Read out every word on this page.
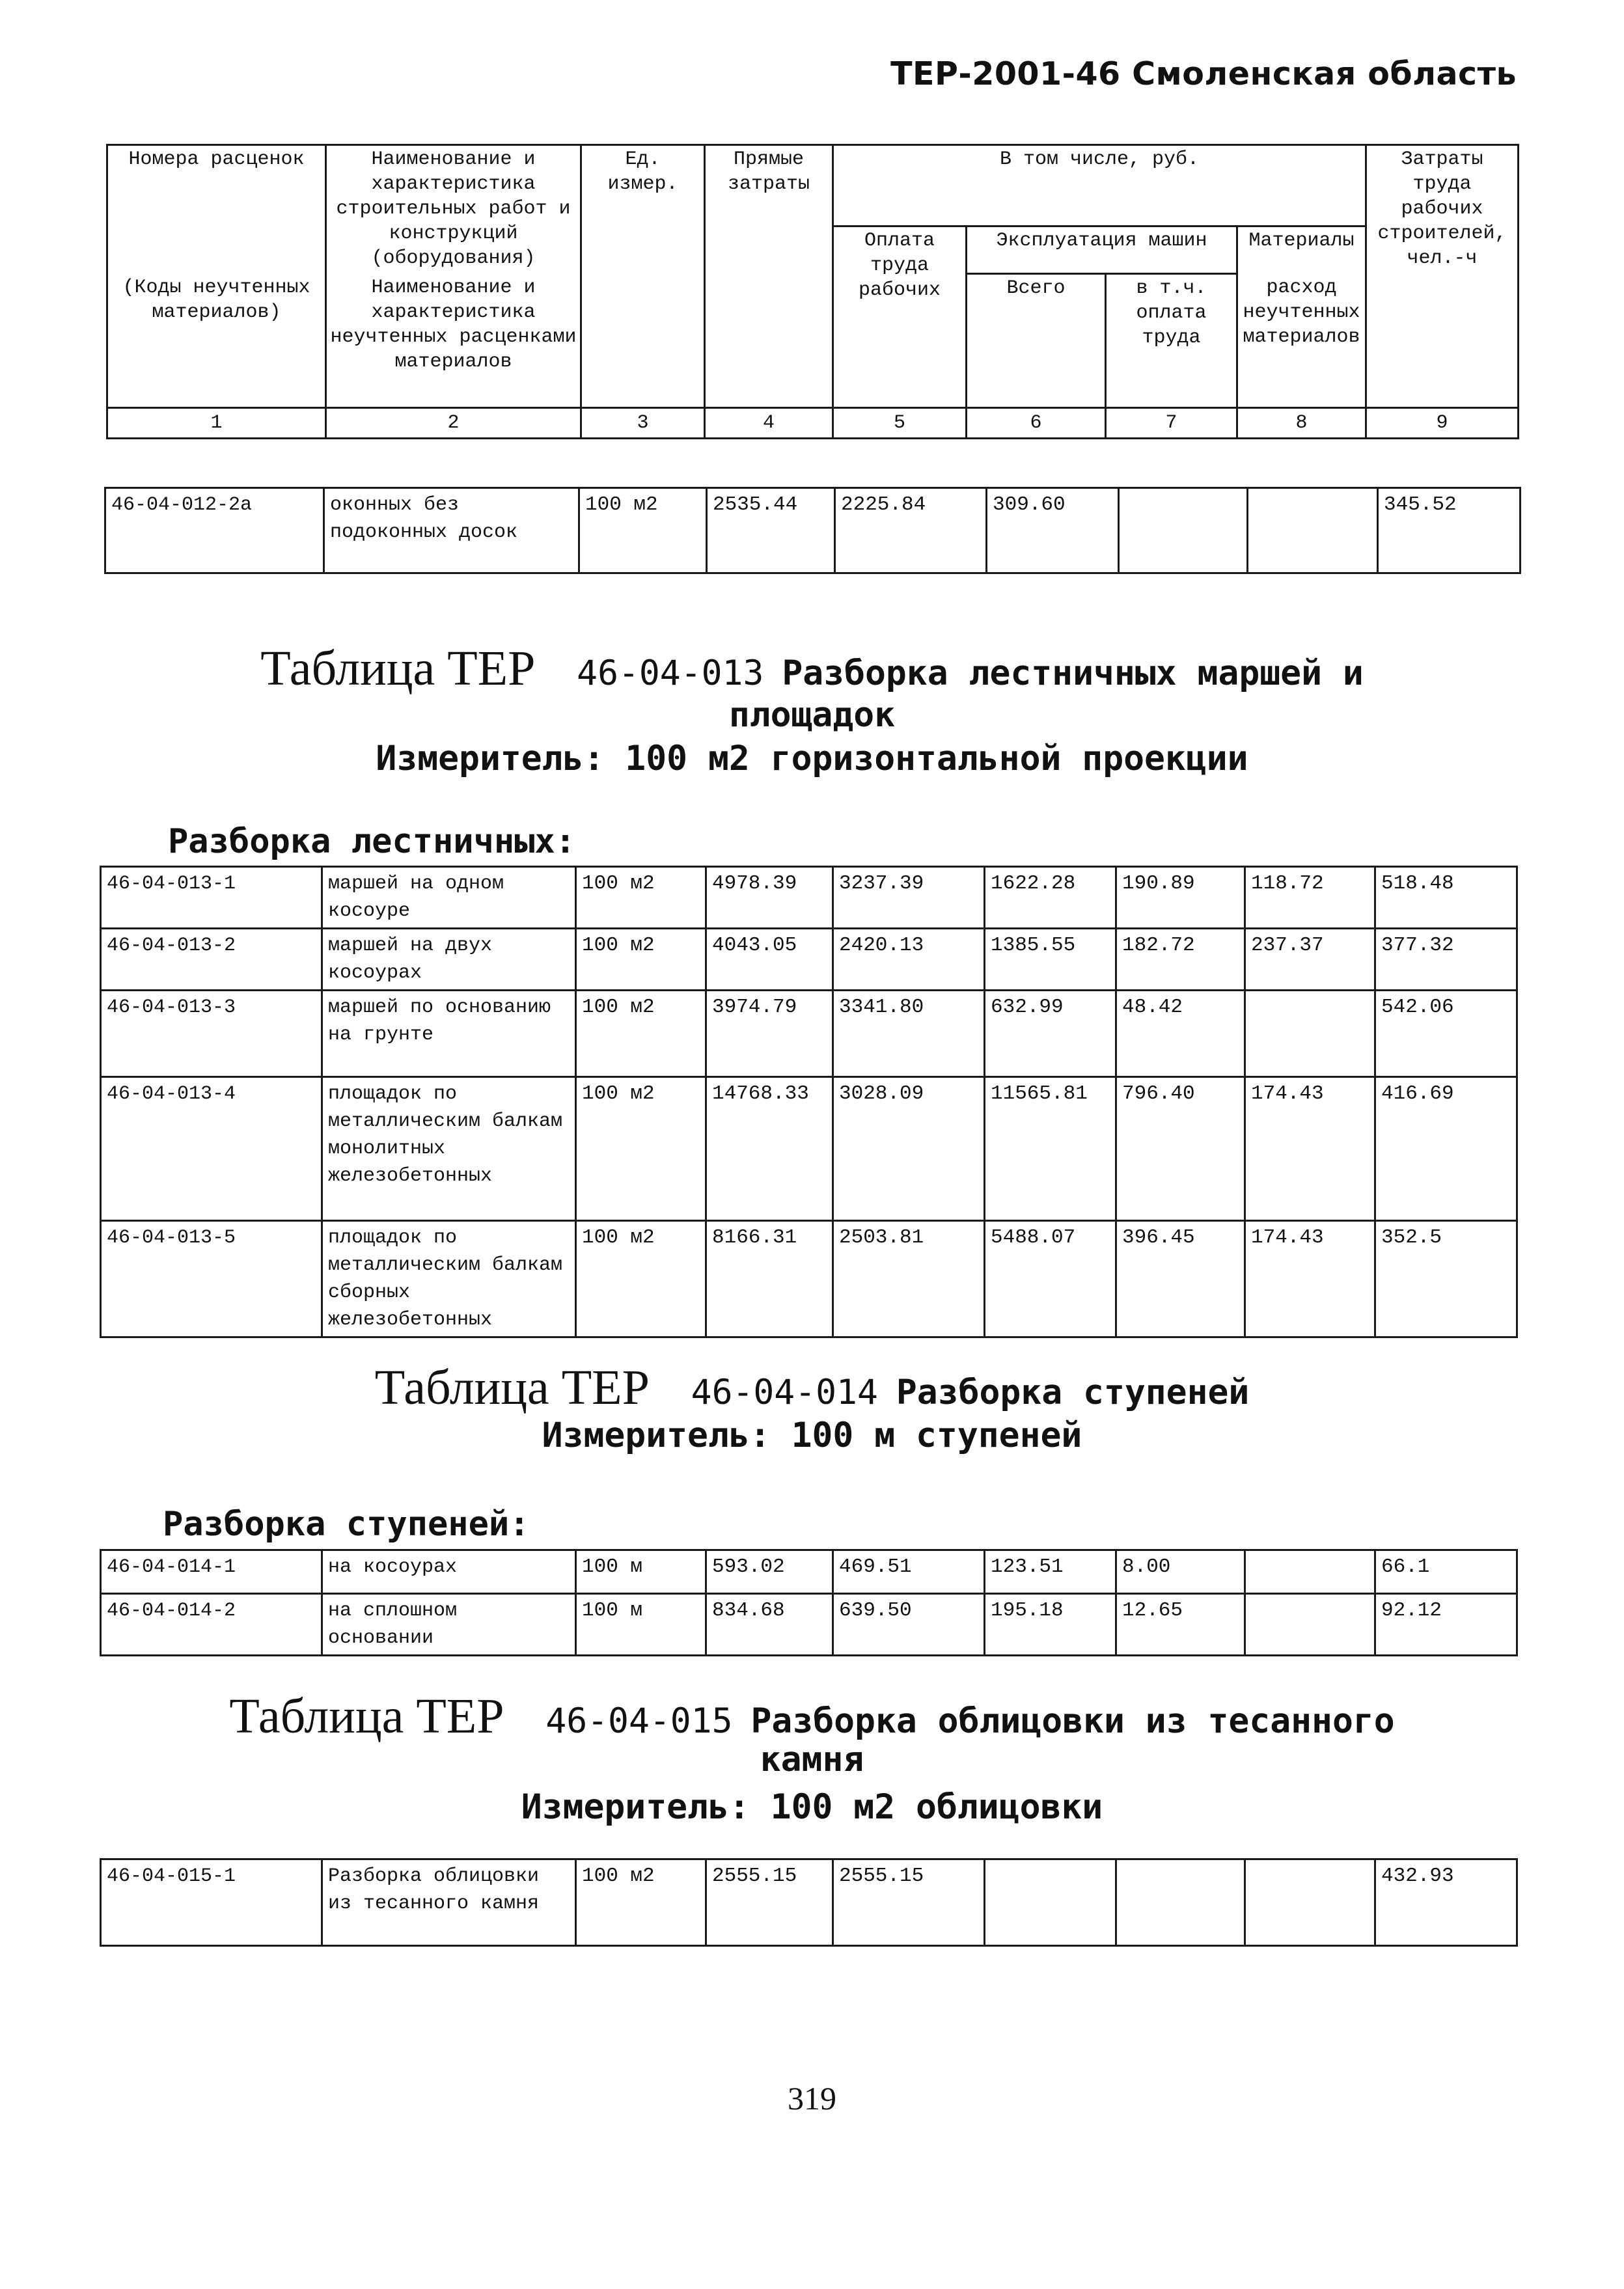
ТЕР-2001-46 Смоленская область
Номера расценок	Наименование и характеристика строительных работ и конструкций (оборудования)	Ед. измер.	Прямые затраты	В том числе, руб.				Затраты труда рабочих строителей, чел.-ч
				Оплата труда рабочих	Эксплуатация машин		Материалы	
(Коды неучтенных материалов)	Наименование и характеристика неучтенных расценками материалов				Всего	в т.ч. оплата труда	расход неучтенных материалов	

1	2	3	4	5	6	7	8	9
46-04-012-2а	оконных без подоконных досок	100 м2	2535.44	2225.84	309.60			345.52
Таблица ТЕР 46-04-013 Разборка лестничных маршей и
площадок
Измеритель: 100 м2 горизонтальной проекции
Разборка лестничных:
46-04-013-1	маршей на одном косоуре	100 м2	4978.39	3237.39	1622.28	190.89	118.72	518.48
46-04-013-2	маршей на двух косоурах	100 м2	4043.05	2420.13	1385.55	182.72	237.37	377.32
46-04-013-3	маршей по основанию на грунте	100 м2	3974.79	3341.80	632.99	48.42		542.06
46-04-013-4	площадок по металлическим балкам монолитных железобетонных	100 м2	14768.33	3028.09	11565.81	796.40	174.43	416.69
46-04-013-5	площадок по металлическим балкам сборных железобетонных	100 м2	8166.31	2503.81	5488.07	396.45	174.43	352.5
Таблица ТЕР 46-04-014 Разборка ступеней
Измеритель: 100 м ступеней
Разборка ступеней:
46-04-014-1	на косоурах	100 м	593.02	469.51	123.51	8.00		66.1
46-04-014-2	на сплошном основании	100 м	834.68	639.50	195.18	12.65		92.12
Таблица ТЕР 46-04-015 Разборка облицовки из тесанного
камня
Измеритель: 100 м2 облицовки
46-04-015-1	Разборка облицовки из тесанного камня	100 м2	2555.15	2555.15				432.93
319
